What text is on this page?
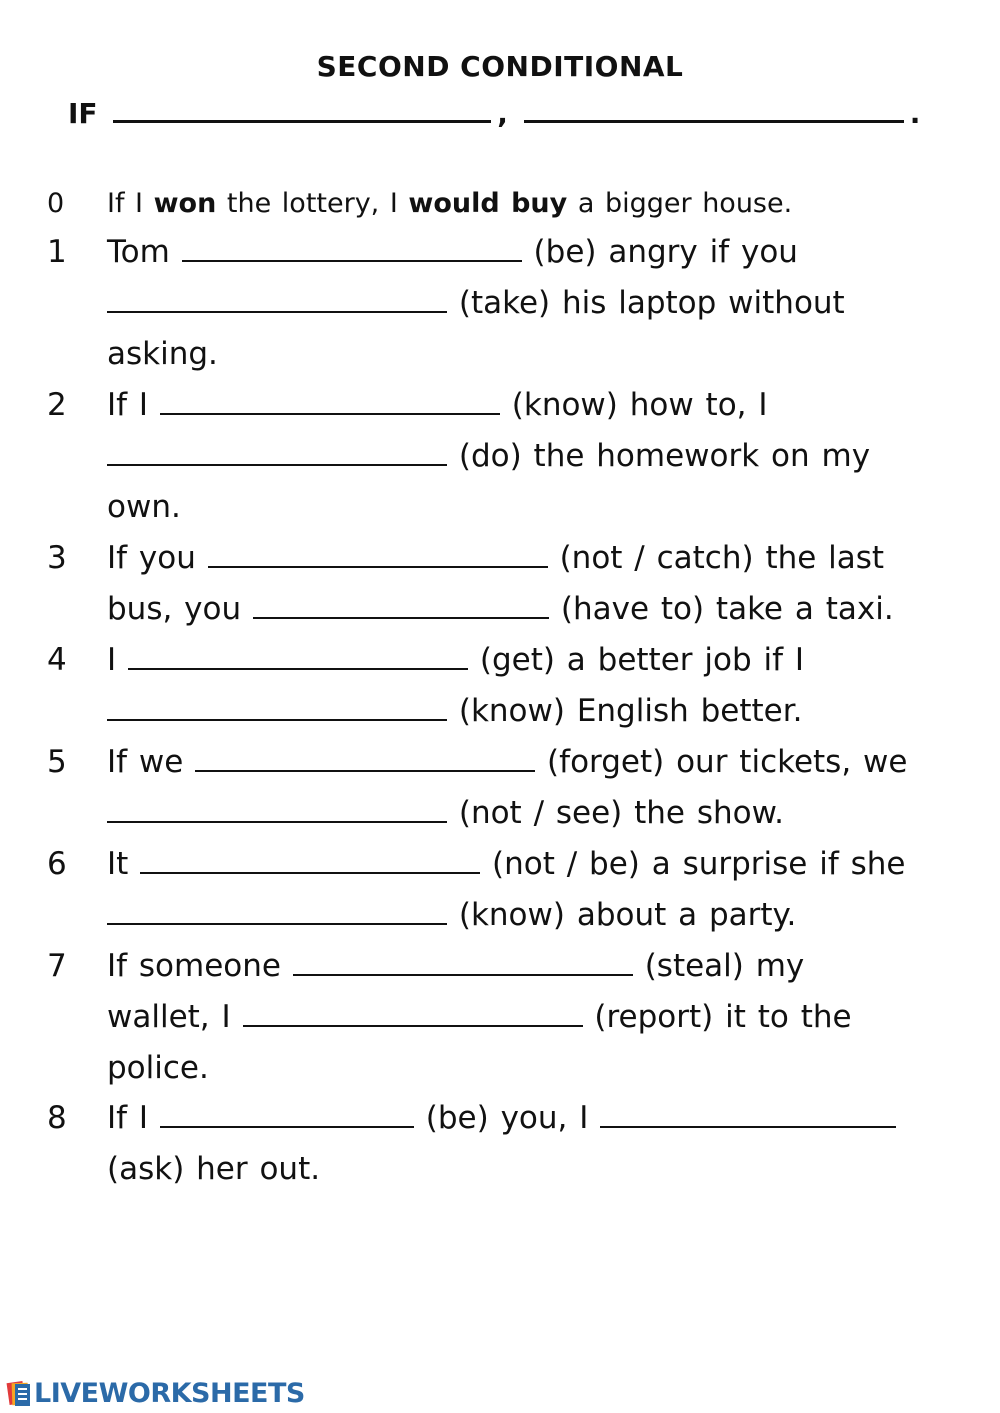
SECOND CONDITIONAL
IF	,	.
0 If I won the lottery, I would buy a bigger house.
1 Tom	(be) angry if you
(take) his laptop without
asking.
2 If I	(know) how to, I
(do) the homework on my
own.
3 If you	(not / catch) the last
bus, you	(have to) take a taxi.
4 I	(get) a better job if I
(know) English better.
5 If we	(forget) our tickets, we
(not / see) the show.
6 It	(not / be) a surprise if she
(know) about a party.
7 If someone	(steal) my
wallet, I	(report) it to the
police.
8 If I	(be) you, I
(ask) her out.
LIVEWORKSHEETS
